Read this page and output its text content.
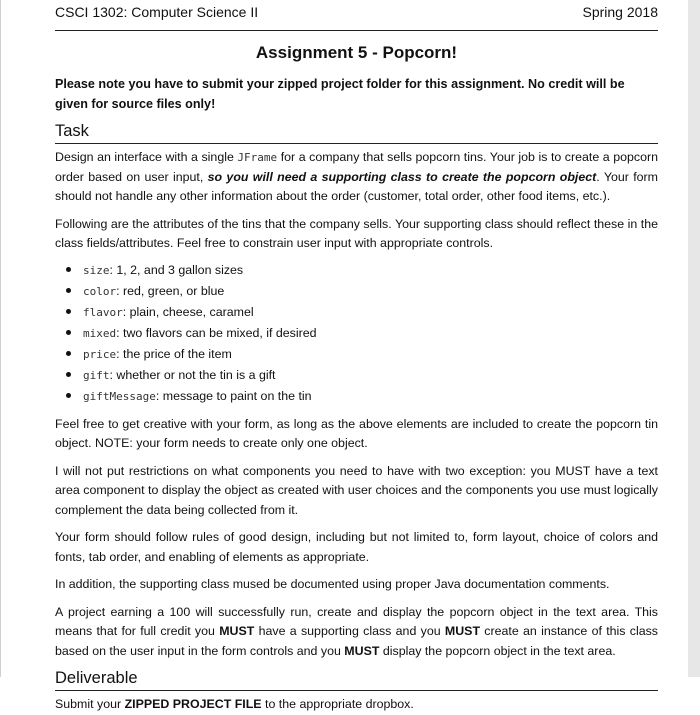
CSCI 1302: Computer Science II	Spring 2018
Assignment 5 - Popcorn!
Please note you have to submit your zipped project folder for this assignment. No credit will be given for source files only!
Task

Design an interface with a single JFrame for a company that sells popcorn tins. Your job is to create a popcorn order based on user input, so you will need a supporting class to create the popcorn object. Your form should not handle any other information about the order (customer, total order, other food items, etc.).

Following are the attributes of the tins that the company sells. Your supporting class should reflect these in the class fields/attributes. Feel free to constrain user input with appropriate controls.

size: 1, 2, and 3 gallon sizes
color: red, green, or blue
flavor: plain, cheese, caramel
mixed: two flavors can be mixed, if desired
price: the price of the item
gift: whether or not the tin is a gift
giftMessage: message to paint on the tin

Feel free to get creative with your form, as long as the above elements are included to create the popcorn tin object. NOTE: your form needs to create only one object.

I will not put restrictions on what components you need to have with two exception: you MUST have a text area component to display the object as created with user choices and the components you use must logically complement the data being collected from it.

Your form should follow rules of good design, including but not limited to, form layout, choice of colors and fonts, tab order, and enabling of elements as appropriate.

In addition, the supporting class mused be documented using proper Java documentation comments.

A project earning a 100 will successfully run, create and display the popcorn object in the text area. This means that for full credit you MUST have a supporting class and you MUST create an instance of this class based on the user input in the form controls and you MUST display the popcorn object in the text area.

Deliverable

Submit your ZIPPED PROJECT FILE to the appropriate dropbox.
